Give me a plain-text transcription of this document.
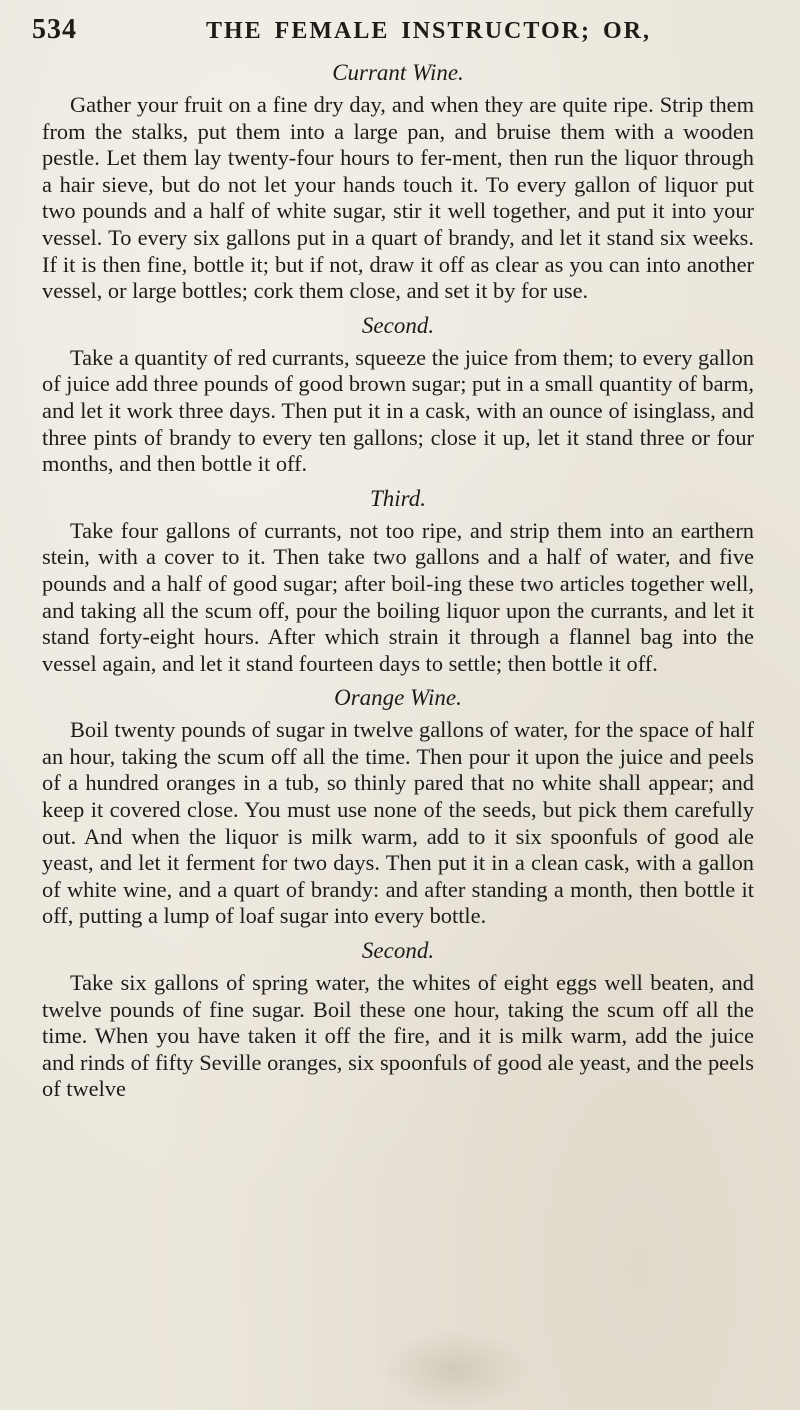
534	THE FEMALE INSTRUCTOR; OR,
Currant Wine.

Gather your fruit on a fine dry day, and when they are quite ripe. Strip them from the stalks, put them into a large pan, and bruise them with a wooden pestle. Let them lay twenty-four hours to fer-ment, then run the liquor through a hair sieve, but do not let your hands touch it. To every gallon of liquor put two pounds and a half of white sugar, stir it well together, and put it into your vessel. To every six gallons put in a quart of brandy, and let it stand six weeks. If it is then fine, bottle it; but if not, draw it off as clear as you can into another vessel, or large bottles; cork them close, and set it by for use.

Second.

Take a quantity of red currants, squeeze the juice from them; to every gallon of juice add three pounds of good brown sugar; put in a small quantity of barm, and let it work three days. Then put it in a cask, with an ounce of isinglass, and three pints of brandy to every ten gallons; close it up, let it stand three or four months, and then bottle it off.

Third.

Take four gallons of currants, not too ripe, and strip them into an earthern stein, with a cover to it. Then take two gallons and a half of water, and five pounds and a half of good sugar; after boil-ing these two articles together well, and taking all the scum off, pour the boiling liquor upon the currants, and let it stand forty-eight hours. After which strain it through a flannel bag into the vessel again, and let it stand fourteen days to settle; then bottle it off.

Orange Wine.

Boil twenty pounds of sugar in twelve gallons of water, for the space of half an hour, taking the scum off all the time. Then pour it upon the juice and peels of a hundred oranges in a tub, so thinly pared that no white shall appear; and keep it covered close. You must use none of the seeds, but pick them carefully out. And when the liquor is milk warm, add to it six spoonfuls of good ale yeast, and let it ferment for two days. Then put it in a clean cask, with a gallon of white wine, and a quart of brandy: and after standing a month, then bottle it off, putting a lump of loaf sugar into every bottle.

Second.

Take six gallons of spring water, the whites of eight eggs well beaten, and twelve pounds of fine sugar. Boil these one hour, taking the scum off all the time. When you have taken it off the fire, and it is milk warm, add the juice and rinds of fifty Seville oranges, six spoonfuls of good ale yeast, and the peels of twelve
